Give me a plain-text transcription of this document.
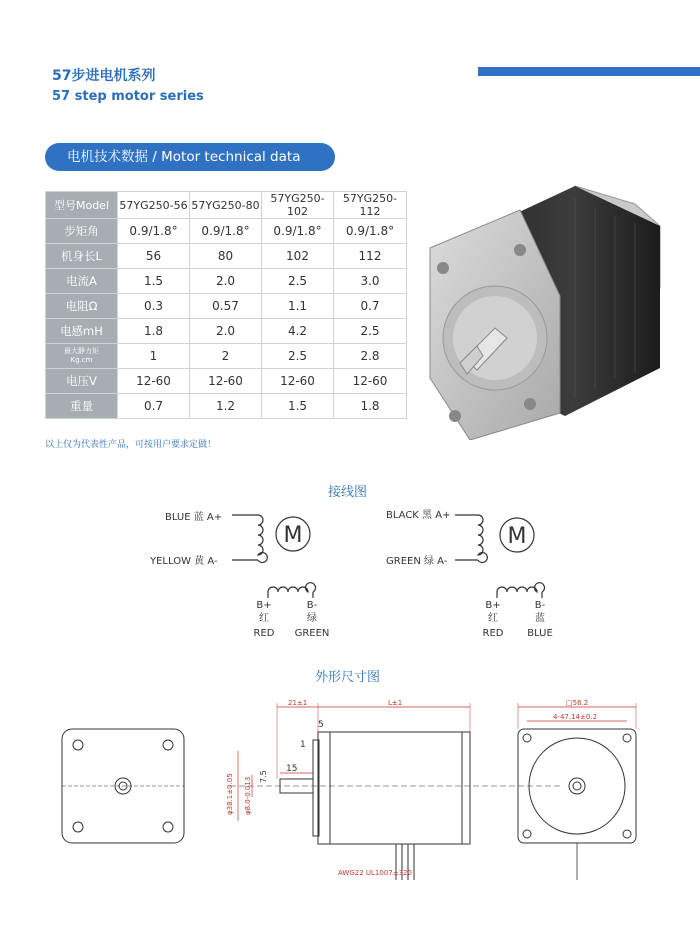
57步进电机系列
57 step motor series
电机技术数据 / Motor technical data
型号Model	57YG250-56	57YG250-80	57YG250-102	57YG250-112
步矩角	0.9/1.8°	0.9/1.8°	0.9/1.8°	0.9/1.8°
机身长L	56	80	102	112
电流A	1.5	2.0	2.5	3.0
电阻Ω	0.3	0.57	1.1	0.7
电感mH	1.8	2.0	4.2	2.5

最大静力矩
Kg.cm	1	2	2.5	2.8
电压V	12-60	12-60	12-60	12-60
重量	0.7	1.2	1.5	1.8
以上仅为代表性产品，可按用户要求定做！
接线图
BLUE 蓝 A+
YELLOW 黄 A-
M
B+	B-
红	绿
RED GREEN
BLACK 黑 A+
GREEN 绿 A-
M
B+	B-
红	蓝
RED BLUE
外形尺寸图
21±1	L±1
5
1
15
7.5
φ38.1±0.05 φ8.0-0.013
□56.2
4-47.14±0.2
AWG22 UL1007±320
